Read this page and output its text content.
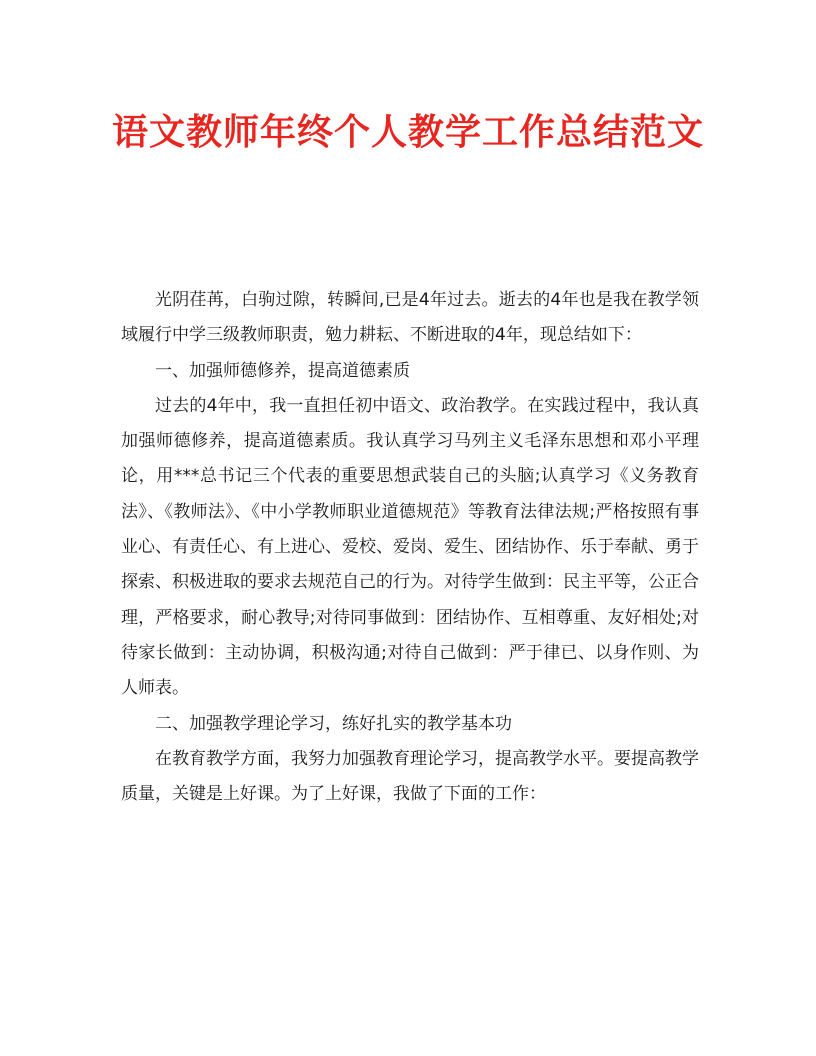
语文教师年终个人教学工作总结范文

光阴荏苒，白驹过隙，转瞬间,已是4年过去。逝去的4年也是我在教学领域履行中学三级教师职责，勉力耕耘、不断进取的4年，现总结如下：

一、加强师德修养，提高道德素质

过去的4年中，我一直担任初中语文、政治教学。在实践过程中，我认真加强师德修养，提高道德素质。我认真学习马列主义毛泽东思想和邓小平理论，用***总书记三个代表的重要思想武装自己的头脑;认真学习《义务教育法》、《教师法》、《中小学教师职业道德规范》等教育法律法规;严格按照有事业心、有责任心、有上进心、爱校、爱岗、爱生、团结协作、乐于奉献、勇于探索、积极进取的要求去规范自己的行为。对待学生做到：民主平等，公正合理，严格要求，耐心教导;对待同事做到：团结协作、互相尊重、友好相处;对待家长做到：主动协调，积极沟通;对待自己做到：严于律已、以身作则、为人师表。

二、加强教学理论学习，练好扎实的教学基本功

在教育教学方面，我努力加强教育理论学习，提高教学水平。要提高教学质量，关键是上好课。为了上好课，我做了下面的工作：
